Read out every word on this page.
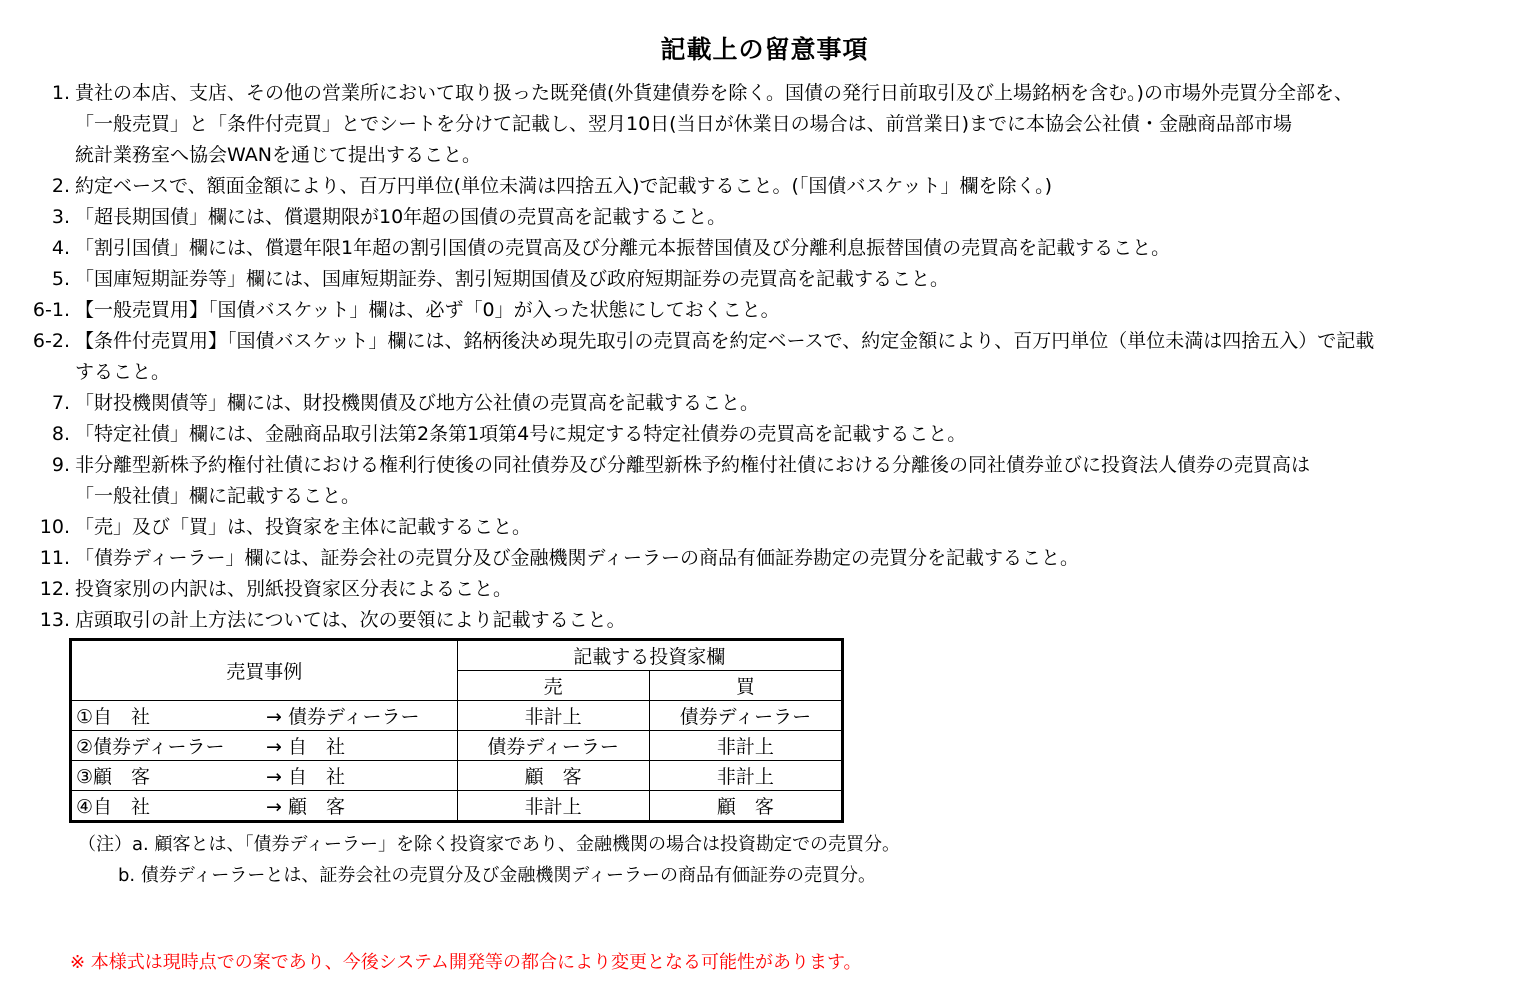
記載上の留意事項
1. 貴社の本店、支店、その他の営業所において取り扱った既発債(外貨建債券を除く。国債の発行日前取引及び上場銘柄を含む。)の市場外売買分全部を、
「一般売買」と「条件付売買」とでシートを分けて記載し、翌月10日(当日が休業日の場合は、前営業日)までに本協会公社債・金融商品部市場
統計業務室へ協会WANを通じて提出すること。
2. 約定ベースで、額面金額により、百万円単位(単位未満は四捨五入)で記載すること。(「国債バスケット」欄を除く。)
3. 「超長期国債」欄には、償還期限が10年超の国債の売買高を記載すること。
4. 「割引国債」欄には、償還年限1年超の割引国債の売買高及び分離元本振替国債及び分離利息振替国債の売買高を記載すること。
5. 「国庫短期証券等」欄には、国庫短期証券、割引短期国債及び政府短期証券の売買高を記載すること。
6-1. 【一般売買用】「国債バスケット」欄は、必ず「0」が入った状態にしておくこと。
6-2. 【条件付売買用】「国債バスケット」欄には、銘柄後決め現先取引の売買高を約定ベースで、約定金額により、百万円単位（単位未満は四捨五入）で記載
すること。
7. 「財投機関債等」欄には、財投機関債及び地方公社債の売買高を記載すること。
8. 「特定社債」欄には、金融商品取引法第2条第1項第4号に規定する特定社債券の売買高を記載すること。
9. 非分離型新株予約権付社債における権利行使後の同社債券及び分離型新株予約権付社債における分離後の同社債券並びに投資法人債券の売買高は
「一般社債」欄に記載すること。
10. 「売」及び「買」は、投資家を主体に記載すること。
11. 「債券ディーラー」欄には、証券会社の売買分及び金融機関ディーラーの商品有価証券勘定の売買分を記載すること。
12. 投資家別の内訳は、別紙投資家区分表によること。
13. 店頭取引の計上方法については、次の要領により記載すること。
売買事例	記載する投資家欄	
	売	買
①自　社 → 債券ディーラー	非計上	債券ディーラー
②債券ディーラー → 自　社	債券ディーラー	非計上
③顧　客 → 自　社	顧　客	非計上
④自　社 → 顧　客	非計上	顧　客
（注）a. 顧客とは、「債券ディーラー」を除く投資家であり、金融機関の場合は投資勘定での売買分。
b. 債券ディーラーとは、証券会社の売買分及び金融機関ディーラーの商品有価証券の売買分。
※ 本様式は現時点での案であり、今後システム開発等の都合により変更となる可能性があります。
